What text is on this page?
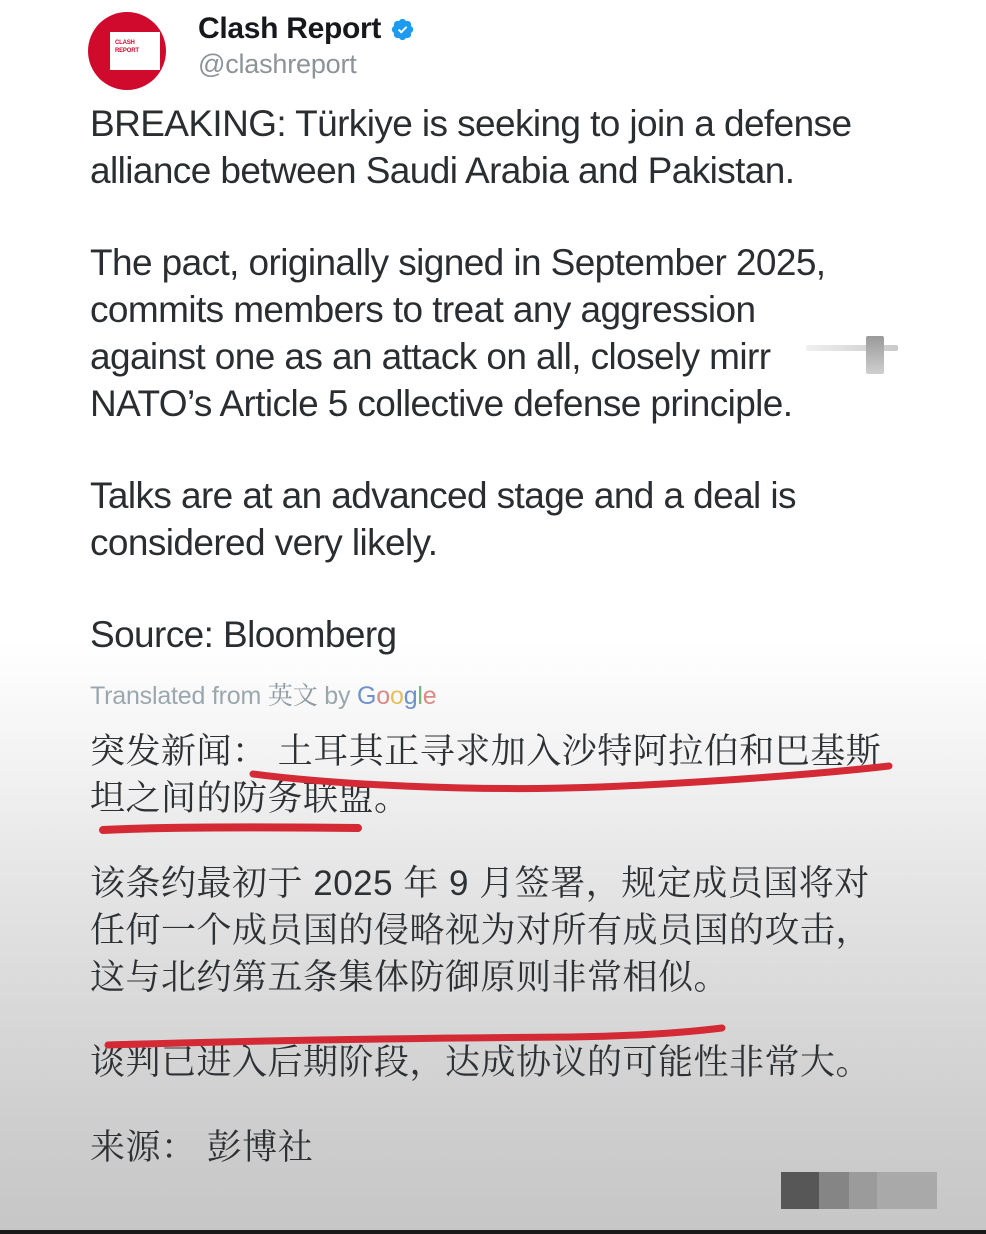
CLASH
REPORT
Clash Report
@clashreport
BREAKING: Türkiye is seeking to join a defense
alliance between Saudi Arabia and Pakistan.
The pact, originally signed in September 2025,
commits members to treat any aggression
against one as an attack on all, closely mirr
NATO’s Article 5 collective defense principle.
Talks are at an advanced stage and a deal is
considered very likely.
Source: Bloomberg
Translated from 英文 by Google
突发新闻： 土耳其正寻求加入沙特阿拉伯和巴基斯
坦之间的防务联盟。
该条约最初于 2025 年 9 月签署，规定成员国将对
任何一个成员国的侵略视为对所有成员国的攻击，
这与北约第五条集体防御原则非常相似。
谈判已进入后期阶段，达成协议的可能性非常大。
来源： 彭博社
